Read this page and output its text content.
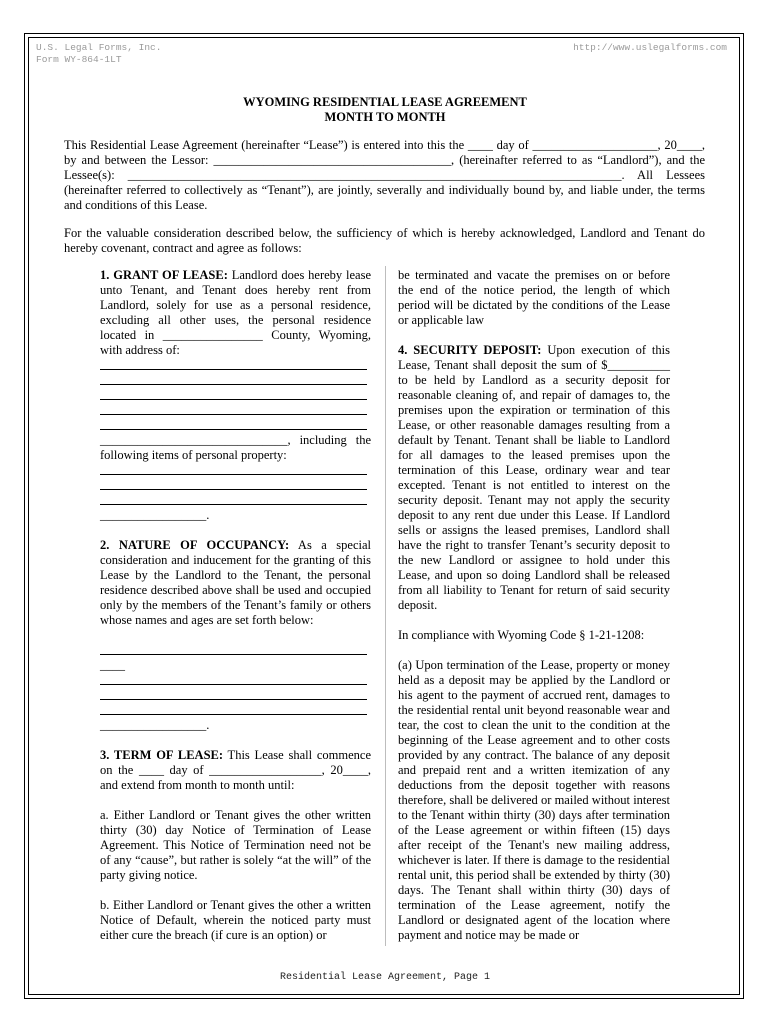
U.S. Legal Forms, Inc.
Form WY-864-1LT
http://www.uslegalforms.com
WYOMING RESIDENTIAL LEASE AGREEMENT
MONTH TO MONTH

This Residential Lease Agreement (hereinafter “Lease”) is entered into this the ____ day of ____________________, 20____, by and between the Lessor: ______________________________________, (hereinafter referred to as “Landlord”), and the Lessee(s): _______________________________________________________________________________. All Lessees (hereinafter referred to collectively as “Tenant”), are jointly, severally and individually bound by, and liable under, the terms and conditions of this Lease.

For the valuable consideration described below, the sufficiency of which is hereby acknowledged, Landlord and Tenant do hereby covenant, contract and agree as follows:

1. GRANT OF LEASE: Landlord does hereby lease unto Tenant, and Tenant does hereby rent from Landlord, solely for use as a personal residence, excluding all other uses, the personal residence located in ________________ County, Wyoming, with address of:

______________________________, including the following items of personal property:

_________________.

2. NATURE OF OCCUPANCY: As a special consideration and inducement for the granting of this Lease by the Landlord to the Tenant, the personal residence described above shall be used and occupied only by the members of the Tenant’s family or others whose names and ages are set forth below:

____

_________________.

3. TERM OF LEASE: This Lease shall commence on the ____ day of __________________, 20____, and extend from month to month until:

a. Either Landlord or Tenant gives the other written thirty (30) day Notice of Termination of Lease Agreement. This Notice of Termination need not be of any “cause”, but rather is solely “at the will” of the party giving notice.

b. Either Landlord or Tenant gives the other a written Notice of Default, wherein the noticed party must either cure the breach (if cure is an option) or

be terminated and vacate the premises on or before the end of the notice period, the length of which period will be dictated by the conditions of the Lease or applicable law

4. SECURITY DEPOSIT: Upon execution of this Lease, Tenant shall deposit the sum of $__________ to be held by Landlord as a security deposit for reasonable cleaning of, and repair of damages to, the premises upon the expiration or termination of this Lease, or other reasonable damages resulting from a default by Tenant. Tenant shall be liable to Landlord for all damages to the leased premises upon the termination of this Lease, ordinary wear and tear excepted. Tenant is not entitled to interest on the security deposit. Tenant may not apply the security deposit to any rent due under this Lease. If Landlord sells or assigns the leased premises, Landlord shall have the right to transfer Tenant’s security deposit to the new Landlord or assignee to hold under this Lease, and upon so doing Landlord shall be released from all liability to Tenant for return of said security deposit.

In compliance with Wyoming Code § 1-21-1208:

(a) Upon termination of the Lease, property or money held as a deposit may be applied by the Landlord or his agent to the payment of accrued rent, damages to the residential rental unit beyond reasonable wear and tear, the cost to clean the unit to the condition at the beginning of the Lease agreement and to other costs provided by any contract. The balance of any deposit and prepaid rent and a written itemization of any deductions from the deposit together with reasons therefore, shall be delivered or mailed without interest to the Tenant within thirty (30) days after termination of the Lease agreement or within fifteen (15) days after receipt of the Tenant's new mailing address, whichever is later. If there is damage to the residential rental unit, this period shall be extended by thirty (30) days. The Tenant shall within thirty (30) days of termination of the Lease agreement, notify the Landlord or designated agent of the location where payment and notice may be made or

Residential Lease Agreement, Page 1
